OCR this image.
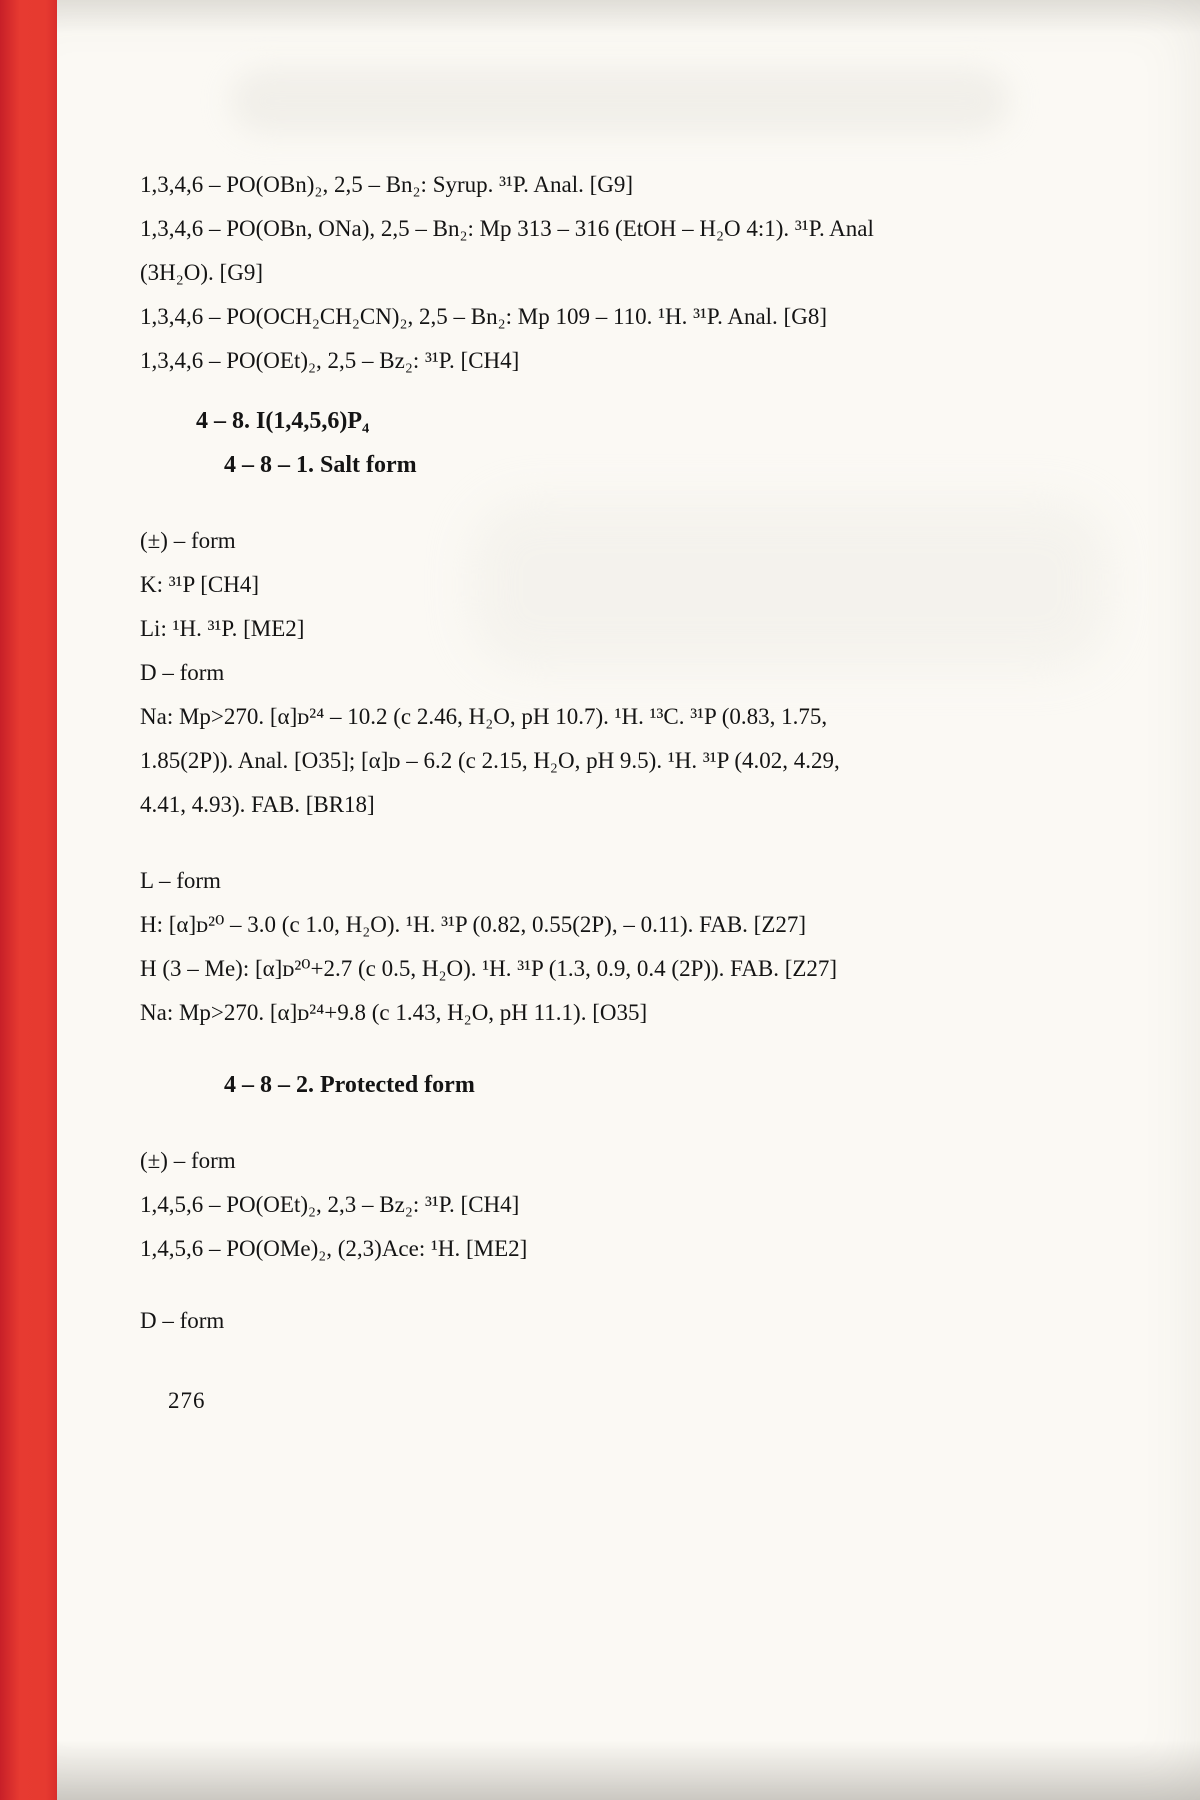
1,3,4,6 – PO(OBn)₂, 2,5 – Bn₂: Syrup. ³¹P. Anal. [G9]
1,3,4,6 – PO(OBn, ONa), 2,5 – Bn₂: Mp 313 – 316 (EtOH – H₂O 4:1). ³¹P. Anal
(3H₂O). [G9]
1,3,4,6 – PO(OCH₂CH₂CN)₂, 2,5 – Bn₂: Mp 109 – 110. ¹H. ³¹P. Anal. [G8]
1,3,4,6 – PO(OEt)₂, 2,5 – Bz₂: ³¹P. [CH4]
4 – 8. I(1,4,5,6)P₄
4 – 8 – 1. Salt form
(±) – form
K: ³¹P [CH4]
Li: ¹H. ³¹P. [ME2]
D – form
Na: Mp>270. [α]ᴅ²⁴ – 10.2 (c 2.46, H₂O, pH 10.7). ¹H. ¹³C. ³¹P (0.83, 1.75,
1.85(2P)). Anal. [O35]; [α]ᴅ – 6.2 (c 2.15, H₂O, pH 9.5). ¹H. ³¹P (4.02, 4.29,
4.41, 4.93). FAB. [BR18]
L – form
H: [α]ᴅ²⁰ – 3.0 (c 1.0, H₂O). ¹H. ³¹P (0.82, 0.55(2P), – 0.11). FAB. [Z27]
H (3 – Me): [α]ᴅ²⁰+2.7 (c 0.5, H₂O). ¹H. ³¹P (1.3, 0.9, 0.4 (2P)). FAB. [Z27]
Na: Mp>270. [α]ᴅ²⁴+9.8 (c 1.43, H₂O, pH 11.1). [O35]
4 – 8 – 2. Protected form
(±) – form
1,4,5,6 – PO(OEt)₂, 2,3 – Bz₂: ³¹P. [CH4]
1,4,5,6 – PO(OMe)₂, (2,3)Ace: ¹H. [ME2]
D – form
276
